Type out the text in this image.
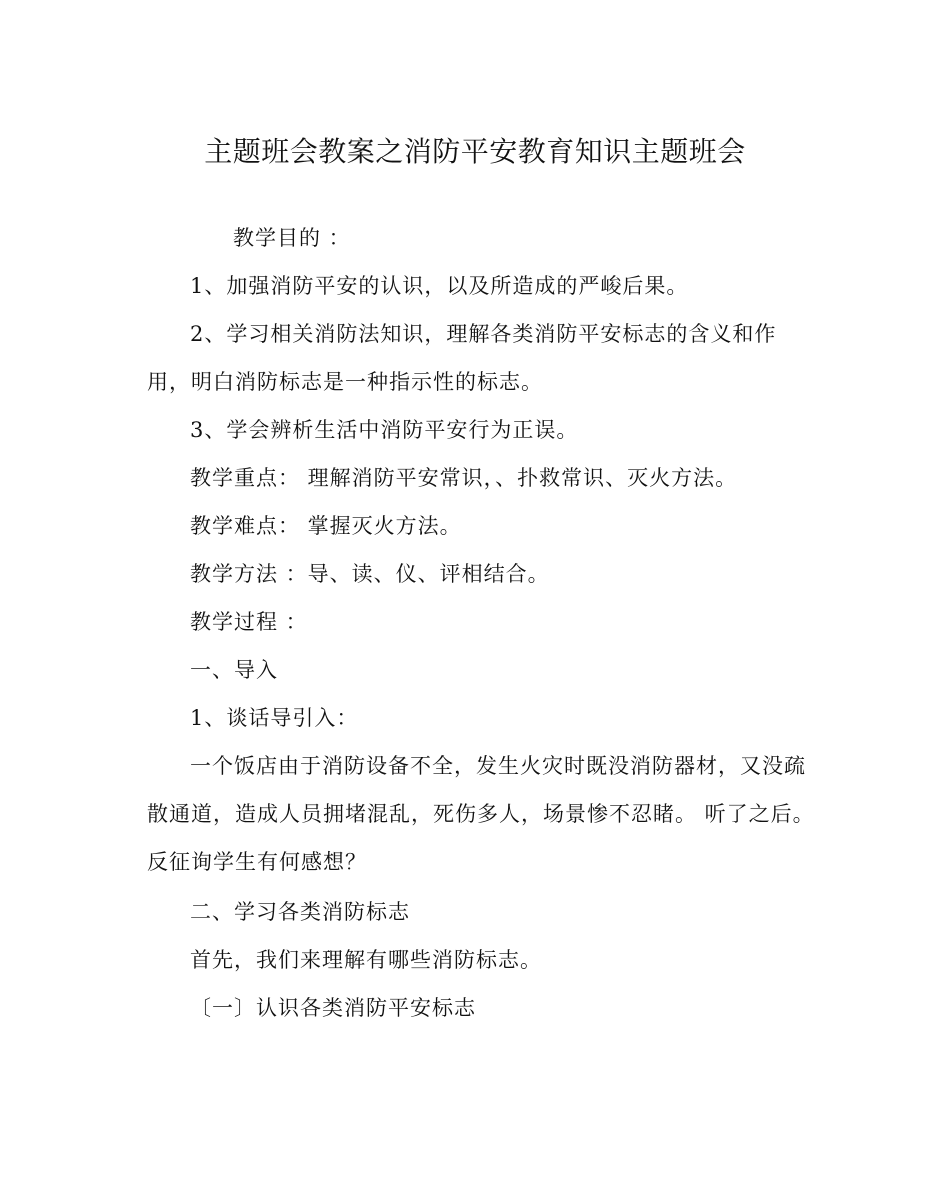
主题班会教案之消防平安教育知识主题班会
教学目的 ：
1、加强消防平安的认识，以及所造成的严峻后果。
2、学习相关消防法知识，理解各类消防平安标志的含义和作
用，明白消防标志是一种指示性的标志。
3、学会辨析生活中消防平安行为正误。
教学重点： 理解消防平安常识，、扑救常识、灭火方法。
教学难点： 掌握灭火方法。
教学方法 ：导、读、仪、评相结合。
教学过程 ：
一、导入
1、谈话导引入：
一个饭店由于消防设备不全，发生火灾时既没消防器材，又没疏
散通道，造成人员拥堵混乱，死伤多人，场景惨不忍睹。 听了之后。
反征询学生有何感想？
二、学习各类消防标志
首先，我们来理解有哪些消防标志。
〔一〕认识各类消防平安标志
